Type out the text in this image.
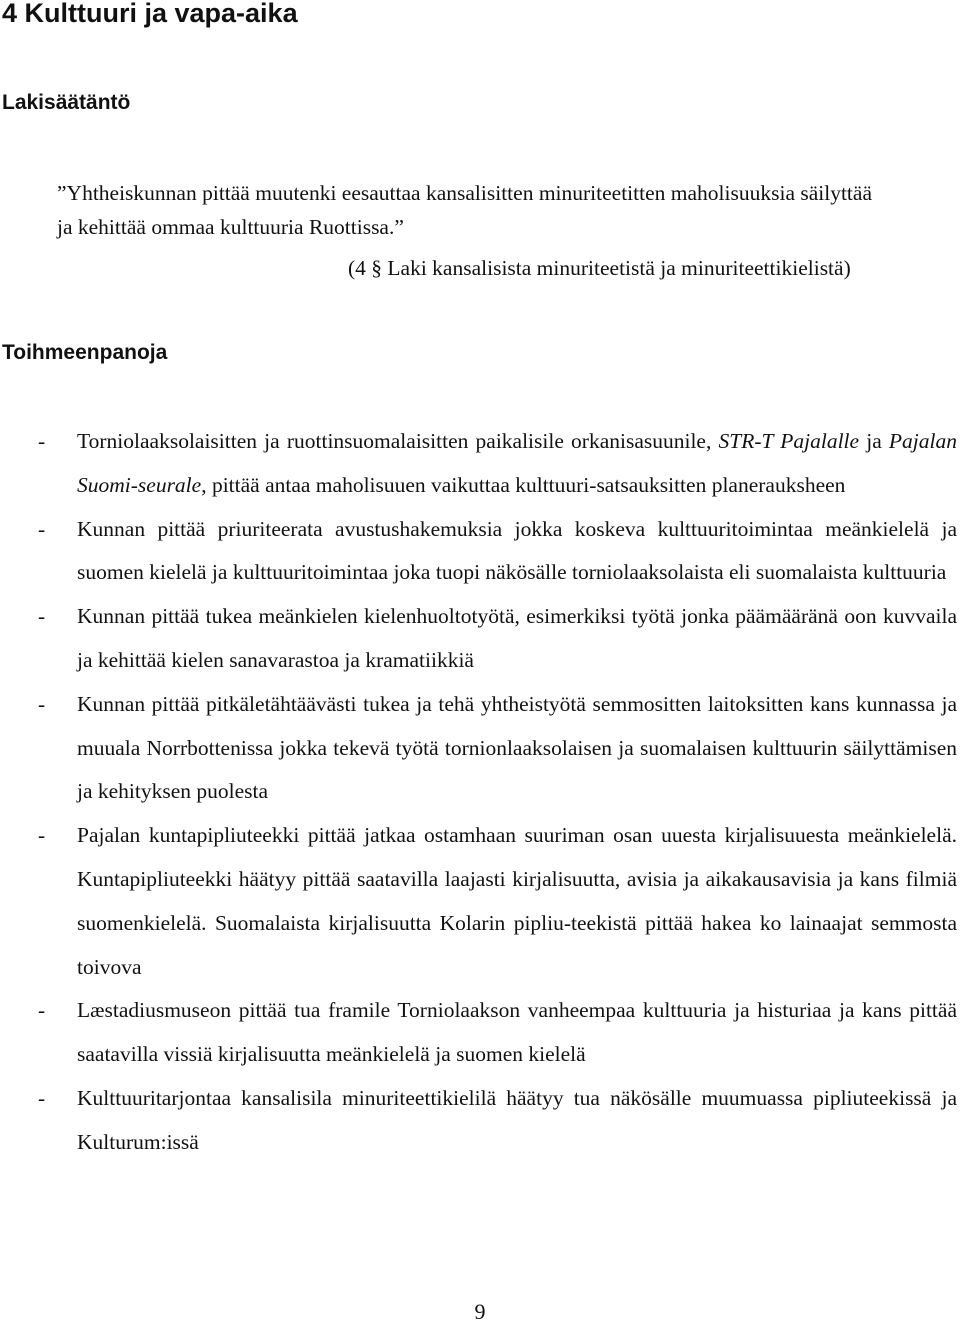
4 Kulttuuri ja vapa-aika
Lakisäätäntö

”Yhtheiskunnan pittää muutenki eesauttaa kansalisitten minuriteetitten maholisuuksia säilyttää ja kehittää ommaa kulttuuria Ruottissa.”

(4 § Laki kansalisista minuriteetistä ja minuriteettikielistä)

Toihmeenpanoja
- Torniolaaksolaisitten ja ruottinsuomalaisitten paikalisile orkanisasuunile, STR-T Pajalalle ja Pajalan Suomi-seurale, pittää antaa maholisuuen vaikuttaa kulttuuri-satsauksitten planerauksheen
- Kunnan pittää priuriteerata avustushakemuksia jokka koskeva kulttuuritoimintaa meänkielelä ja suomen kielelä ja kulttuuritoimintaa joka tuopi näkösälle torniolaaksolaista eli suomalaista kulttuuria
- Kunnan pittää tukea meänkielen kielenhuoltotyötä, esimerkiksi työtä jonka päämääränä oon kuvvaila ja kehittää kielen sanavarastoa ja kramatiikkiä
- Kunnan pittää pitkäletähtäävästi tukea ja tehä yhtheistyötä semmositten laitoksitten kans kunnassa ja muuala Norrbottenissa jokka tekevä työtä tornionlaaksolaisen ja suomalaisen kulttuurin säilyttämisen ja kehityksen puolesta
- Pajalan kuntapipliuteekki pittää jatkaa ostamhaan suuriman osan uuesta kirjalisuuesta meänkielelä. Kuntapipliuteekki häätyy pittää saatavilla laajasti kirjalisuutta, avisia ja aikakausavisia ja kans filmiä suomenkielelä. Suomalaista kirjalisuutta Kolarin pipliu-teekistä pittää hakea ko lainaajat semmosta toivova
- Læstadiusmuseon pittää tua framile Torniolaakson vanheempaa kulttuuria ja histuriaa ja kans pittää saatavilla vissiä kirjalisuutta meänkielelä ja suomen kielelä
- Kulttuuritarjontaa kansalisila minuriteettikielilä häätyy tua näkösälle muumuassa pipliuteekissä ja Kulturum:issä

9
